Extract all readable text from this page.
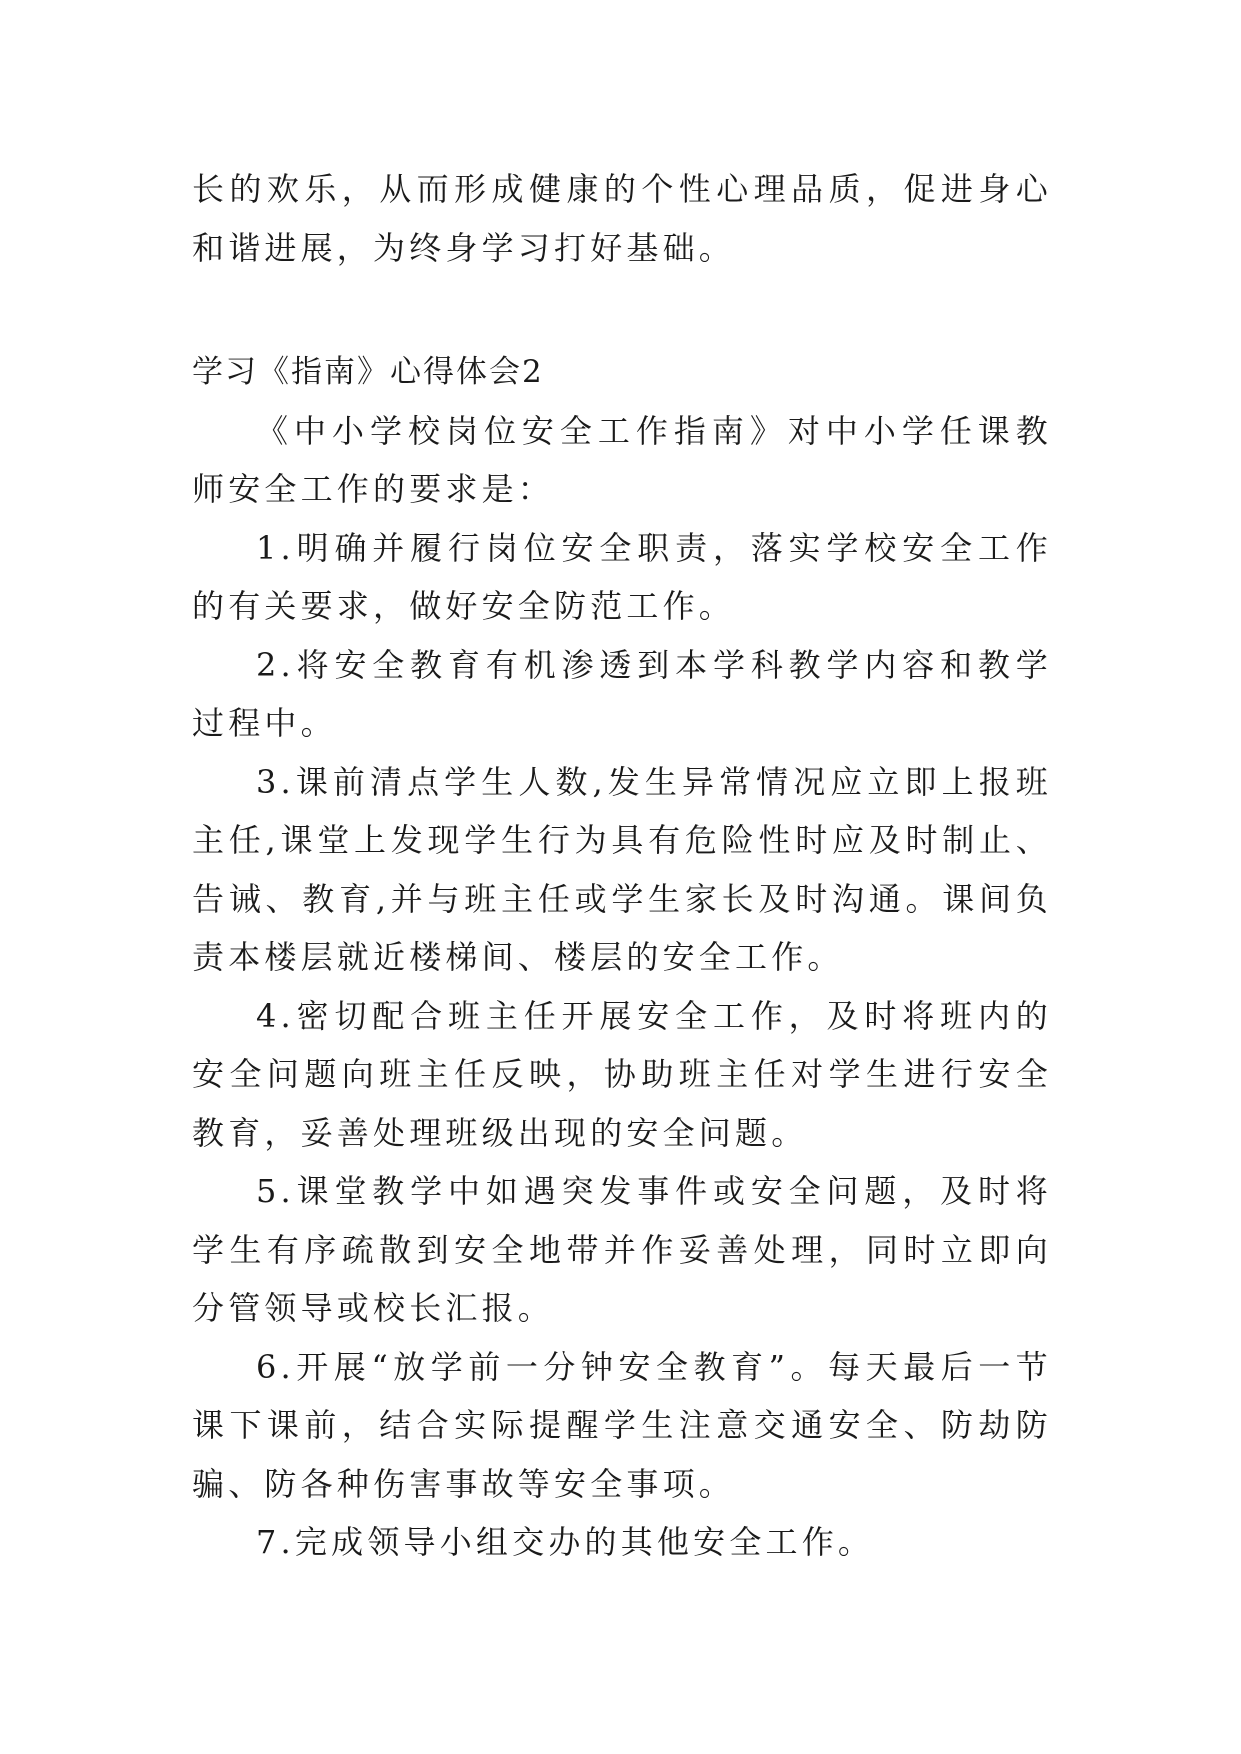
长的欢乐，从而形成健康的个性心理品质，促进身心和谐进展，为终身学习打好基础。

学习《指南》心得体会2

《中小学校岗位安全工作指南》对中小学任课教师安全工作的要求是：

1.明确并履行岗位安全职责，落实学校安全工作的有关要求，做好安全防范工作。

2.将安全教育有机渗透到本学科教学内容和教学过程中。

3.课前清点学生人数,发生异常情况应立即上报班主任,课堂上发现学生行为具有危险性时应及时制止、告诫、教育,并与班主任或学生家长及时沟通。课间负责本楼层就近楼梯间、楼层的安全工作。

4.密切配合班主任开展安全工作，及时将班内的安全问题向班主任反映，协助班主任对学生进行安全教育，妥善处理班级出现的安全问题。

5.课堂教学中如遇突发事件或安全问题，及时将学生有序疏散到安全地带并作妥善处理，同时立即向分管领导或校长汇报。

6.开展“放学前一分钟安全教育”。每天最后一节课下课前，结合实际提醒学生注意交通安全、防劫防骗、防各种伤害事故等安全事项。

7.完成领导小组交办的其他安全工作。
